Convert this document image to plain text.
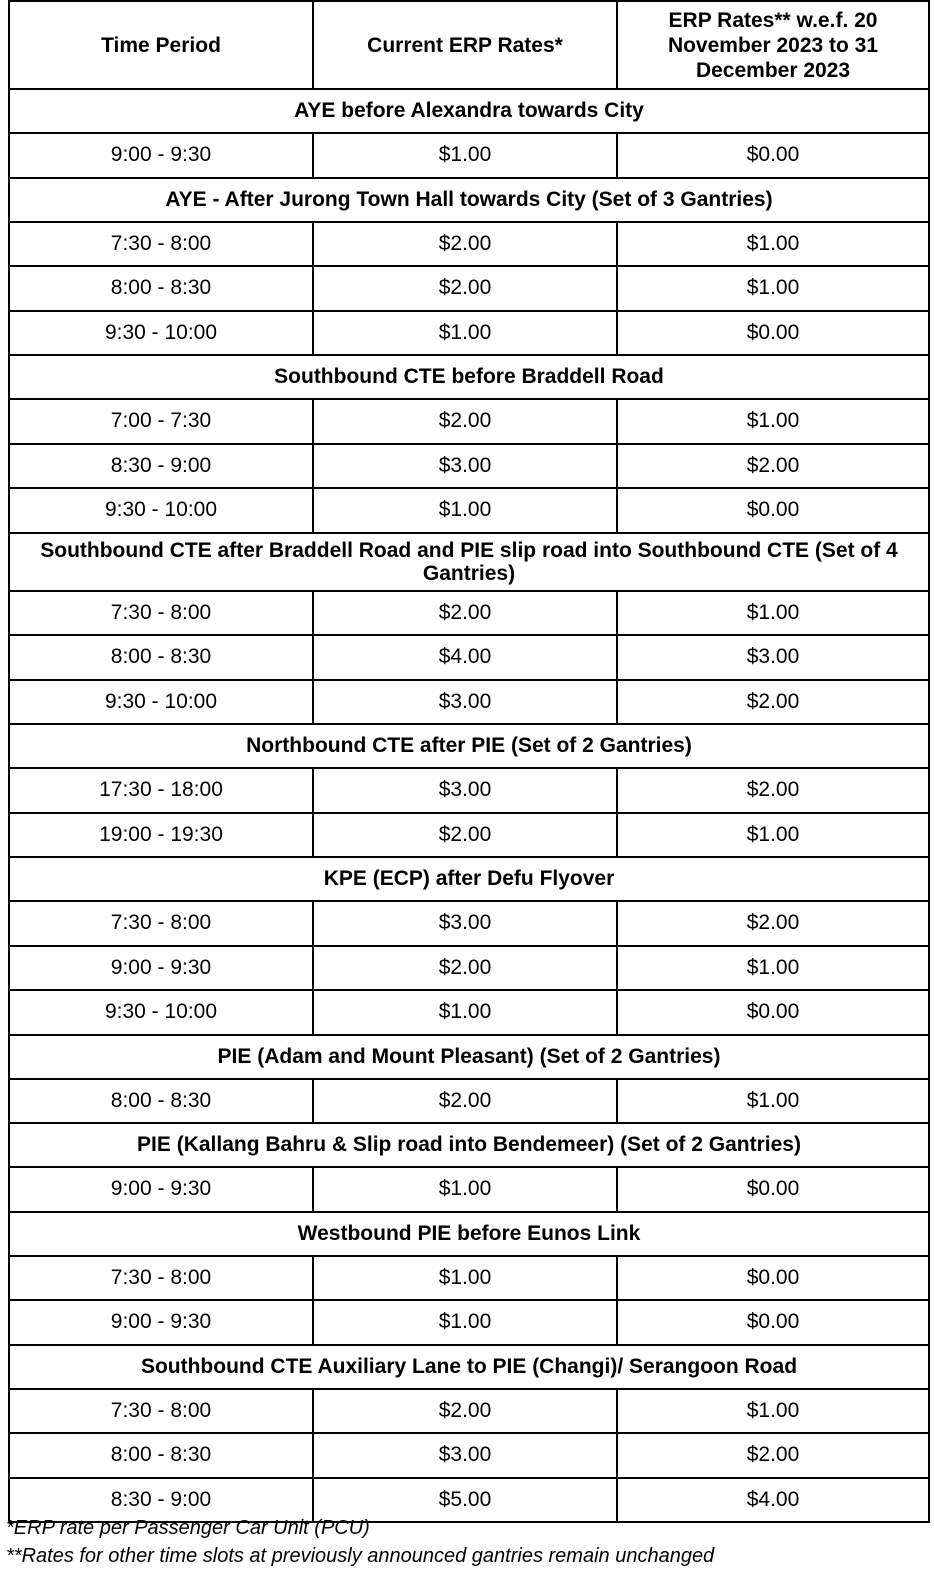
Time Period	Current ERP Rates*	ERP Rates** w.e.f. 20 November 2023 to 31 December 2023
AYE before Alexandra towards City		
9:00 - 9:30	$1.00	$0.00
AYE - After Jurong Town Hall towards City (Set of 3 Gantries)		
7:30 - 8:00	$2.00	$1.00
8:00 - 8:30	$2.00	$1.00
9:30 - 10:00	$1.00	$0.00
Southbound CTE before Braddell Road		
7:00 - 7:30	$2.00	$1.00
8:30 - 9:00	$3.00	$2.00
9:30 - 10:00	$1.00	$0.00
Southbound CTE after Braddell Road and PIE slip road into Southbound CTE (Set of 4 Gantries)		
7:30 - 8:00	$2.00	$1.00
8:00 - 8:30	$4.00	$3.00
9:30 - 10:00	$3.00	$2.00
Northbound CTE after PIE (Set of 2 Gantries)		
17:30 - 18:00	$3.00	$2.00
19:00 - 19:30	$2.00	$1.00
KPE (ECP) after Defu Flyover		
7:30 - 8:00	$3.00	$2.00
9:00 - 9:30	$2.00	$1.00
9:30 - 10:00	$1.00	$0.00
PIE (Adam and Mount Pleasant) (Set of 2 Gantries)		
8:00 - 8:30	$2.00	$1.00
PIE (Kallang Bahru & Slip road into Bendemeer) (Set of 2 Gantries)		
9:00 - 9:30	$1.00	$0.00
Westbound PIE before Eunos Link		
7:30 - 8:00	$1.00	$0.00
9:00 - 9:30	$1.00	$0.00
Southbound CTE Auxiliary Lane to PIE (Changi)/ Serangoon Road		
7:30 - 8:00	$2.00	$1.00
8:00 - 8:30	$3.00	$2.00
8:30 - 9:00	$5.00	$4.00
*ERP rate per Passenger Car Unit (PCU)
**Rates for other time slots at previously announced gantries remain unchanged
